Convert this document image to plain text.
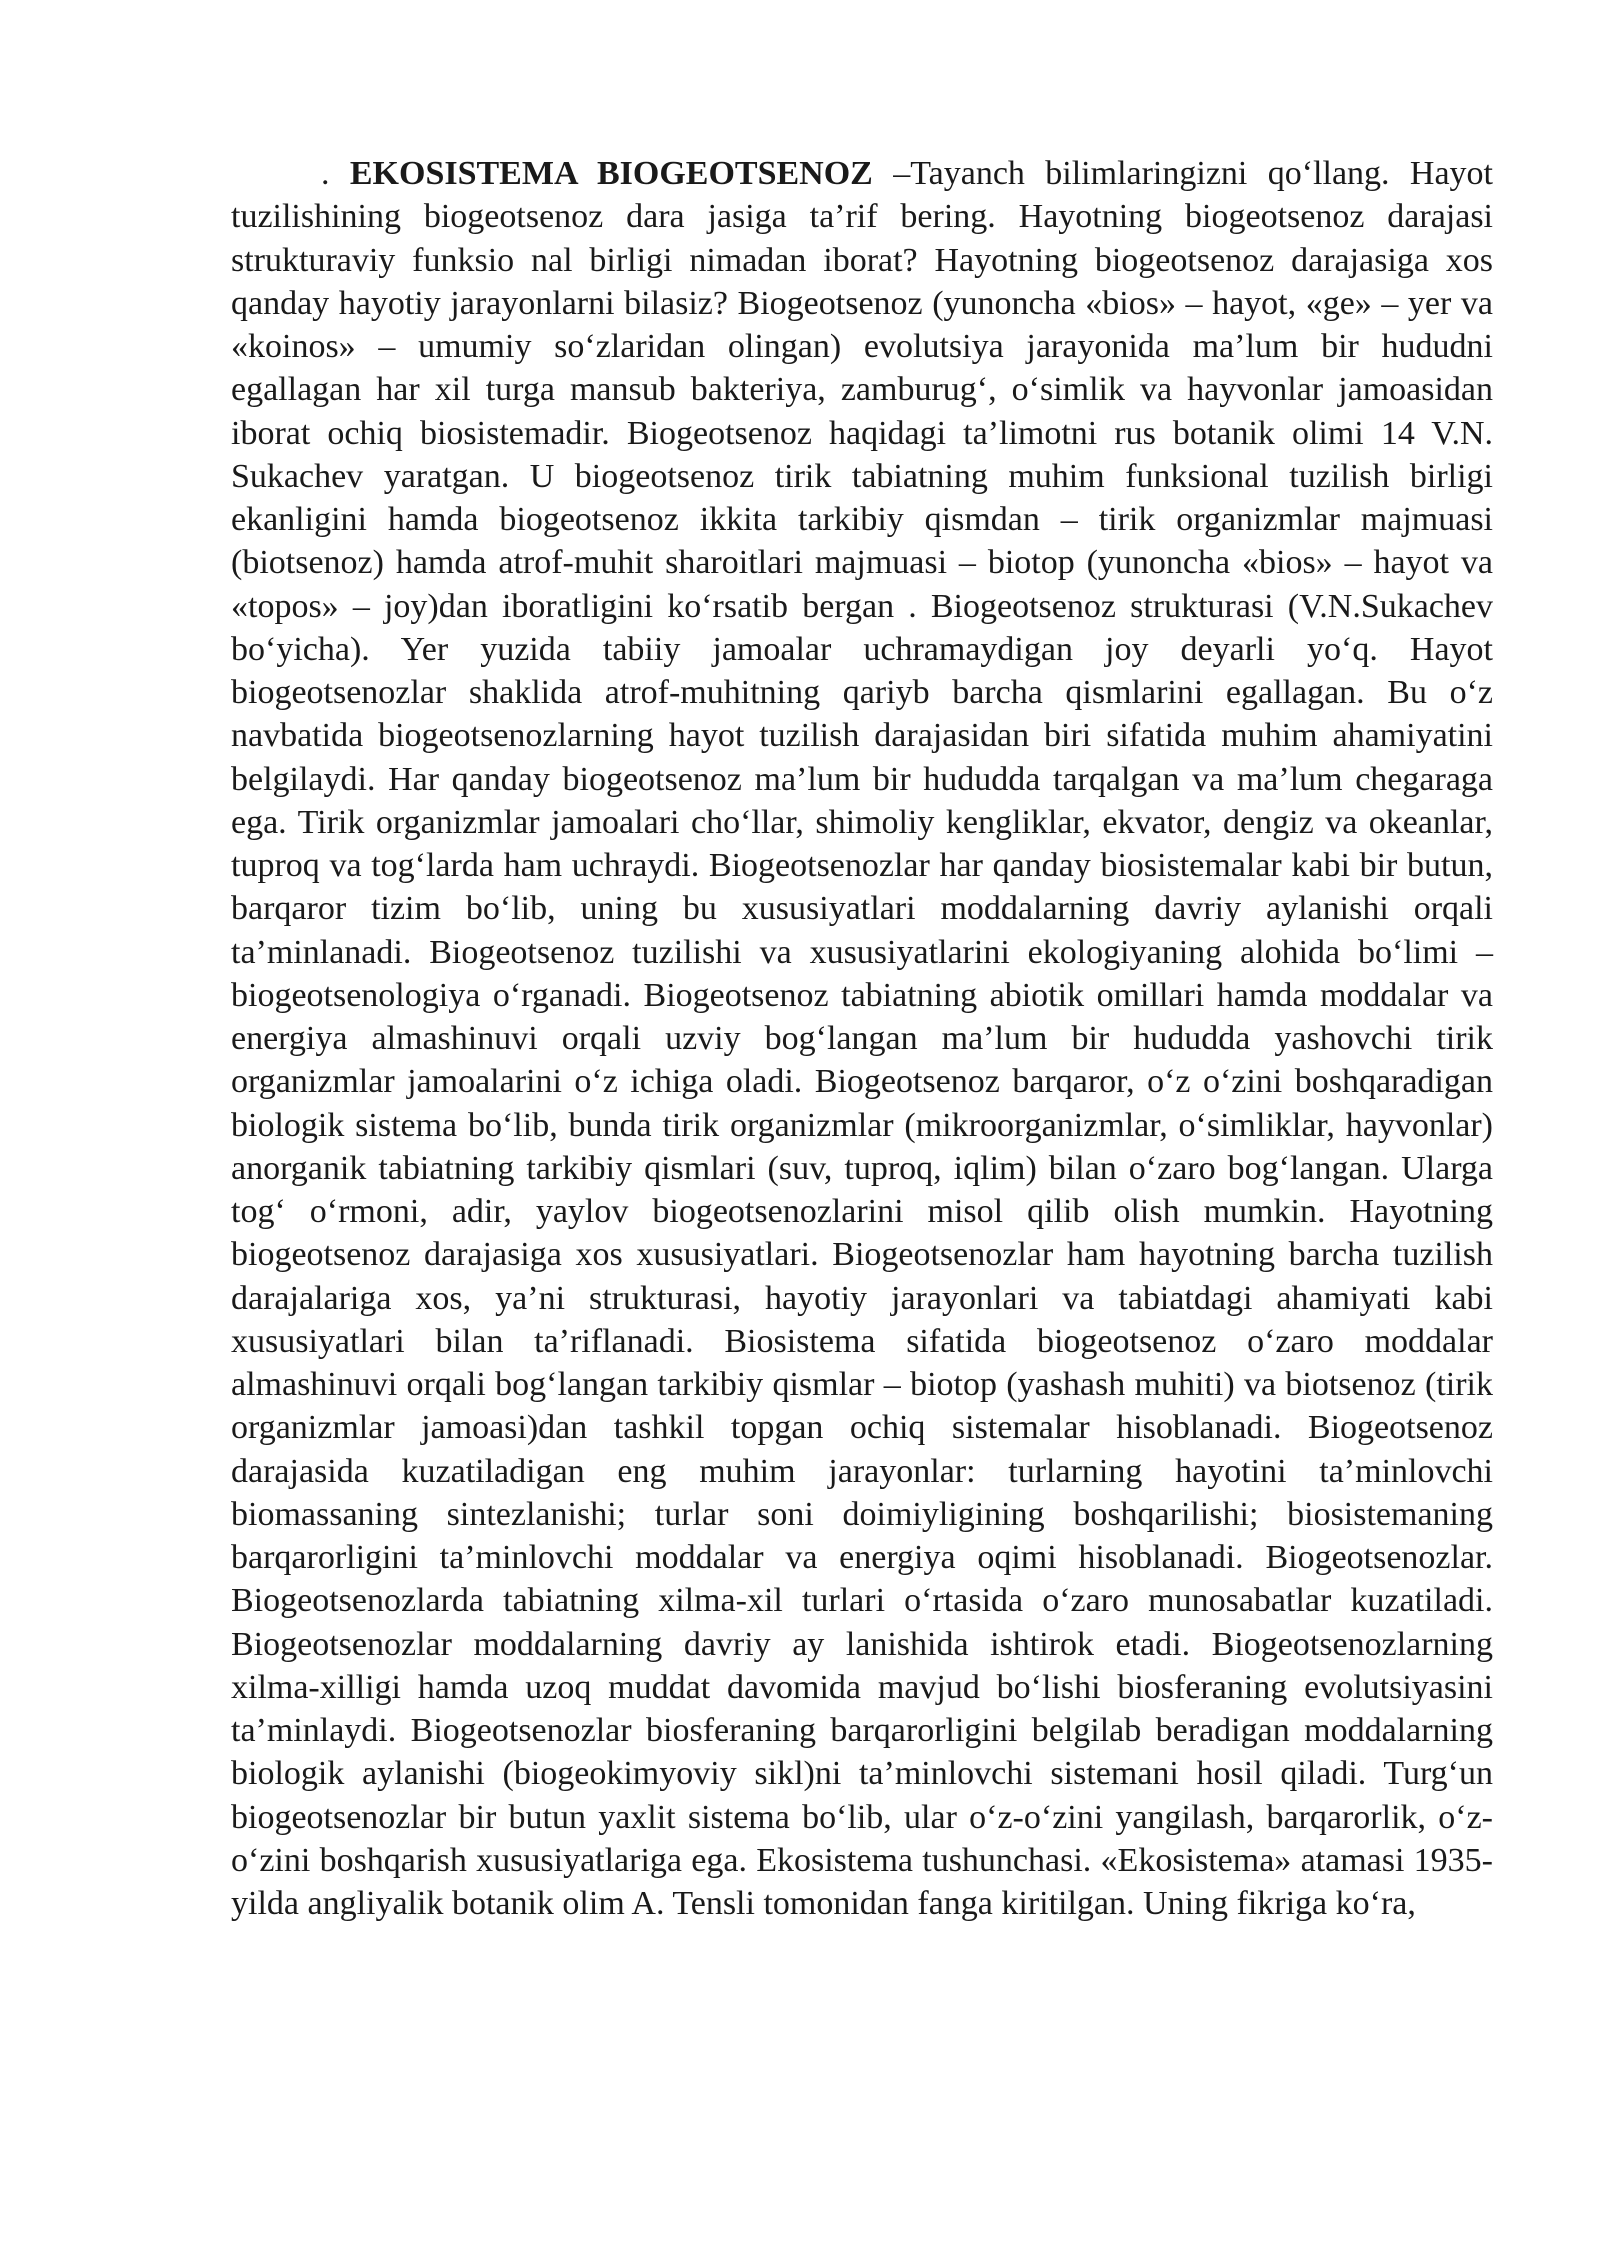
. EKOSISTEMA BIOGEOTSENOZ –Tayanch bilimlaringizni qo‘llang. Hayot tuzilishining biogeotsenoz dara jasiga ta’rif bering. Hayotning biogeotsenoz darajasi strukturaviy funksio nal birligi nimadan iborat? Hayotning biogeotsenoz darajasiga xos qanday hayotiy jarayonlarni bilasiz? Biogeotsenoz (yunoncha «bios» – hayot, «ge» – yer va «koinos» – umumiy so‘zlaridan olingan) evolutsiya jarayonida ma’lum bir hududni egallagan har xil turga mansub bakteriya, zamburug‘, o‘simlik va hayvonlar jamoasidan iborat ochiq biosistemadir. Biogeotsenoz haqidagi ta’limotni rus botanik olimi 14 V.N. Sukachev yaratgan. U biogeotsenoz tirik tabiatning muhim funksional tuzilish birligi ekanligini hamda biogeotsenoz ikkita tarkibiy qismdan – tirik organizmlar majmuasi (biotsenoz) hamda atrof-muhit sharoitlari majmuasi – biotop (yunoncha «bios» – hayot va «topos» – joy)dan iboratligini ko‘rsatib bergan . Biogeotsenoz strukturasi (V.N.Sukachev bo‘yicha). Yer yuzida tabiiy jamoalar uchramaydigan joy deyarli yo‘q. Hayot biogeotsenozlar shaklida atrof-muhitning qariyb barcha qismlarini egallagan. Bu o‘z navbatida biogeotsenozlarning hayot tuzilish darajasidan biri sifatida muhim ahamiyatini belgilaydi. Har qanday biogeotsenoz ma’lum bir hududda tarqalgan va ma’lum chegaraga ega. Tirik organizmlar jamoalari cho‘llar, shimoliy kengliklar, ekvator, dengiz va okeanlar, tuproq va tog‘larda ham uchraydi. Biogeotsenozlar har qanday biosistemalar kabi bir butun, barqaror tizim bo‘lib, uning bu xususiyatlari moddalarning davriy aylanishi orqali ta’minlanadi. Biogeotsenoz tuzilishi va xususiyatlarini ekologiyaning alohida bo‘limi – biogeotsenologiya o‘rganadi. Biogeotsenoz tabiatning abiotik omillari hamda moddalar va energiya almashinuvi orqali uzviy bog‘langan ma’lum bir hududda yashovchi tirik organizmlar jamoalarini o‘z ichiga oladi. Biogeotsenoz barqaror, o‘z o‘zini boshqaradigan biologik sistema bo‘lib, bunda tirik organizmlar (mikroorganizmlar, o‘simliklar, hayvonlar) anorganik tabiatning tarkibiy qismlari (suv, tuproq, iqlim) bilan o‘zaro bog‘langan. Ularga tog‘ o‘rmoni, adir, yaylov biogeotsenozlarini misol qilib olish mumkin. Hayotning biogeotsenoz darajasiga xos xususiyatlari. Biogeotsenozlar ham hayotning barcha tuzilish darajalariga xos, ya’ni strukturasi, hayotiy jarayonlari va tabiatdagi ahamiyati kabi xususiyatlari bilan ta’riflanadi. Biosistema sifatida biogeotsenoz o‘zaro moddalar almashinuvi orqali bog‘langan tarkibiy qismlar – biotop (yashash muhiti) va biotsenoz (tirik organizmlar jamoasi)dan tashkil topgan ochiq sistemalar hisoblanadi. Biogeotsenoz darajasida kuzatiladigan eng muhim jarayonlar: turlarning hayotini ta’minlovchi biomassaning sintezlanishi; turlar soni doimiyligining boshqarilishi; biosistemaning barqarorligini ta’minlovchi moddalar va energiya oqimi hisoblanadi. Biogeotsenozlar. Biogeotsenozlarda tabiatning xilma-xil turlari o‘rtasida o‘zaro munosabatlar kuzatiladi. Biogeotsenozlar moddalarning davriy ay lanishida ishtirok etadi. Biogeotsenozlarning xilma-xilligi hamda uzoq muddat davomida mavjud bo‘lishi biosferaning evolutsiyasini ta’minlaydi. Biogeotsenozlar biosferaning barqarorligini belgilab beradigan moddalarning biologik aylanishi (biogeokimyoviy sikl)ni ta’minlovchi sistemani hosil qiladi. Turg‘un biogeotsenozlar bir butun yaxlit sistema bo‘lib, ular o‘z-o‘zini yangilash, barqarorlik, o‘z-o‘zini boshqarish xususiyatlariga ega. Ekosistema tushunchasi. «Ekosistema» atamasi 1935-yilda angliyalik botanik olim A. Tensli tomonidan fanga kiritilgan. Uning fikriga ko‘ra,
